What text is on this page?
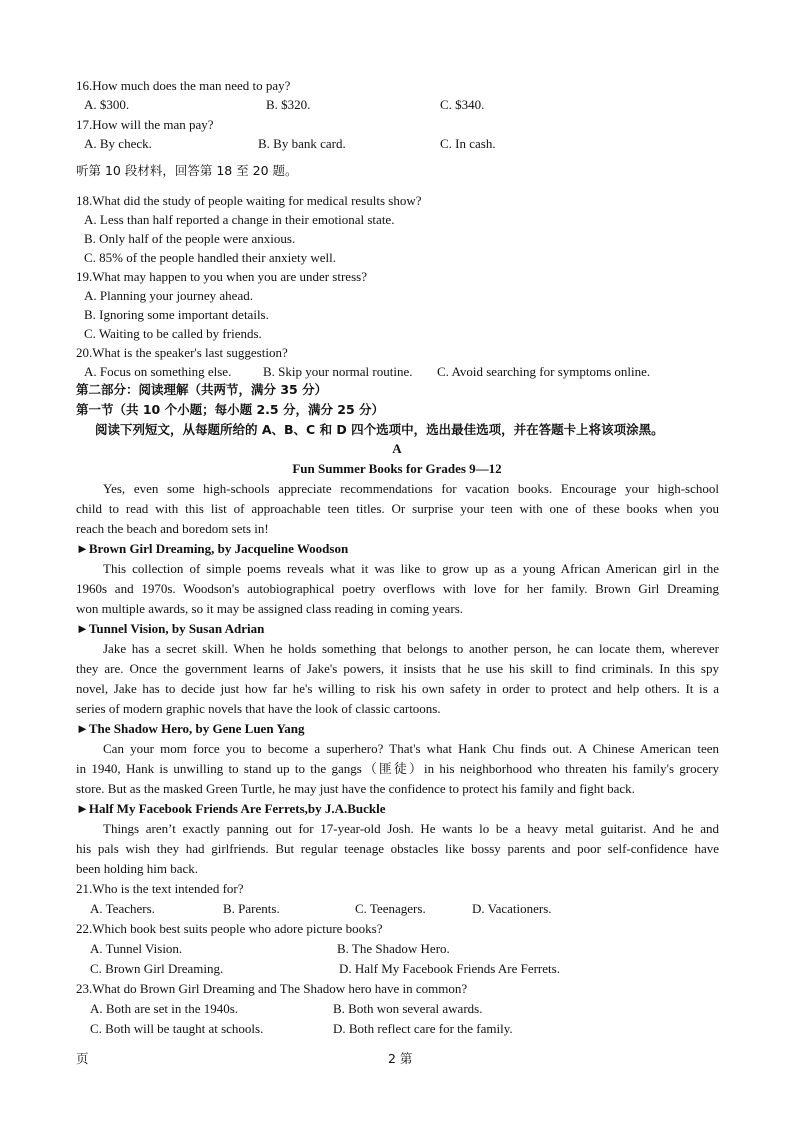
16.How much does the man need to pay?
A. $300.	B. $320.	C. $340.
17.How will the man pay?
A. By check.	B. By bank card.	C. In cash.
听第 10 段材料，回答第 18 至 20 题。
18.What did the study of people waiting for medical results show?
A. Less than half reported a change in their emotional state.
B. Only half of the people were anxious.
C. 85% of the people handled their anxiety well.
19.What may happen to you when you are under stress?
A. Planning your journey ahead.
B. Ignoring some important details.
C. Waiting to be called by friends.
20.What is the speaker's last suggestion?
A. Focus on something else. B. Skip your normal routine. C. Avoid searching for symptoms online.
第二部分：阅读理解（共两节，满分 35 分）
第一节（共 10 个小题；每小题 2.5 分，满分 25 分）
阅读下列短文，从每题所给的 A、B、C 和 D 四个选项中，选出最佳选项，并在答题卡上将该项涂黑。
A
Fun Summer Books for Grades 9—12
Yes, even some high-schools appreciate recommendations for vacation books. Encourage your high-school
child to read with this list of approachable teen titles. Or surprise your teen with one of these books when you
reach the beach and boredom sets in!
►Brown Girl Dreaming, by Jacqueline Woodson
This collection of simple poems reveals what it was like to grow up as a young African American girl in the
1960s and 1970s. Woodson's autobiographical poetry overflows with love for her family. Brown Girl Dreaming
won multiple awards, so it may be assigned class reading in coming years.
►Tunnel Vision, by Susan Adrian
Jake has a secret skill. When he holds something that belongs to another person, he can locate them, wherever
they are. Once the government learns of Jake's powers, it insists that he use his skill to find criminals. In this spy
novel, Jake has to decide just how far he's willing to risk his own safety in order to protect and help others. It is a
series of modern graphic novels that have the look of classic cartoons.
►The Shadow Hero, by Gene Luen Yang
Can your mom force you to become a superhero? That's what Hank Chu finds out. A Chinese American teen
in 1940, Hank is unwilling to stand up to the gangs（匪徒）in his neighborhood who threaten his family's grocery
store. But as the masked Green Turtle, he may just have the confidence to protect his family and fight back.
►Half My Facebook Friends Are Ferrets,by J.A.Buckle
Things aren’t exactly panning out for 17-year-old Josh. He wants lo be a heavy metal guitarist. And he and
his pals wish they had girlfriends. But regular teenage obstacles like bossy parents and poor self-confidence have
been holding him back.
21.Who is the text intended for?
A. Teachers.	B. Parents.	C. Teenagers.	D. Vacationers.
22.Which book best suits people who adore picture books?
A. Tunnel Vision.	B. The Shadow Hero.
C. Brown Girl Dreaming.	D. Half My Facebook Friends Are Ferrets.
23.What do Brown Girl Dreaming and The Shadow hero have in common?
A. Both are set in the 1940s.	B. Both won several awards.
C. Both will be taught at schools.	D. Both reflect care for the family.
页	2 第
